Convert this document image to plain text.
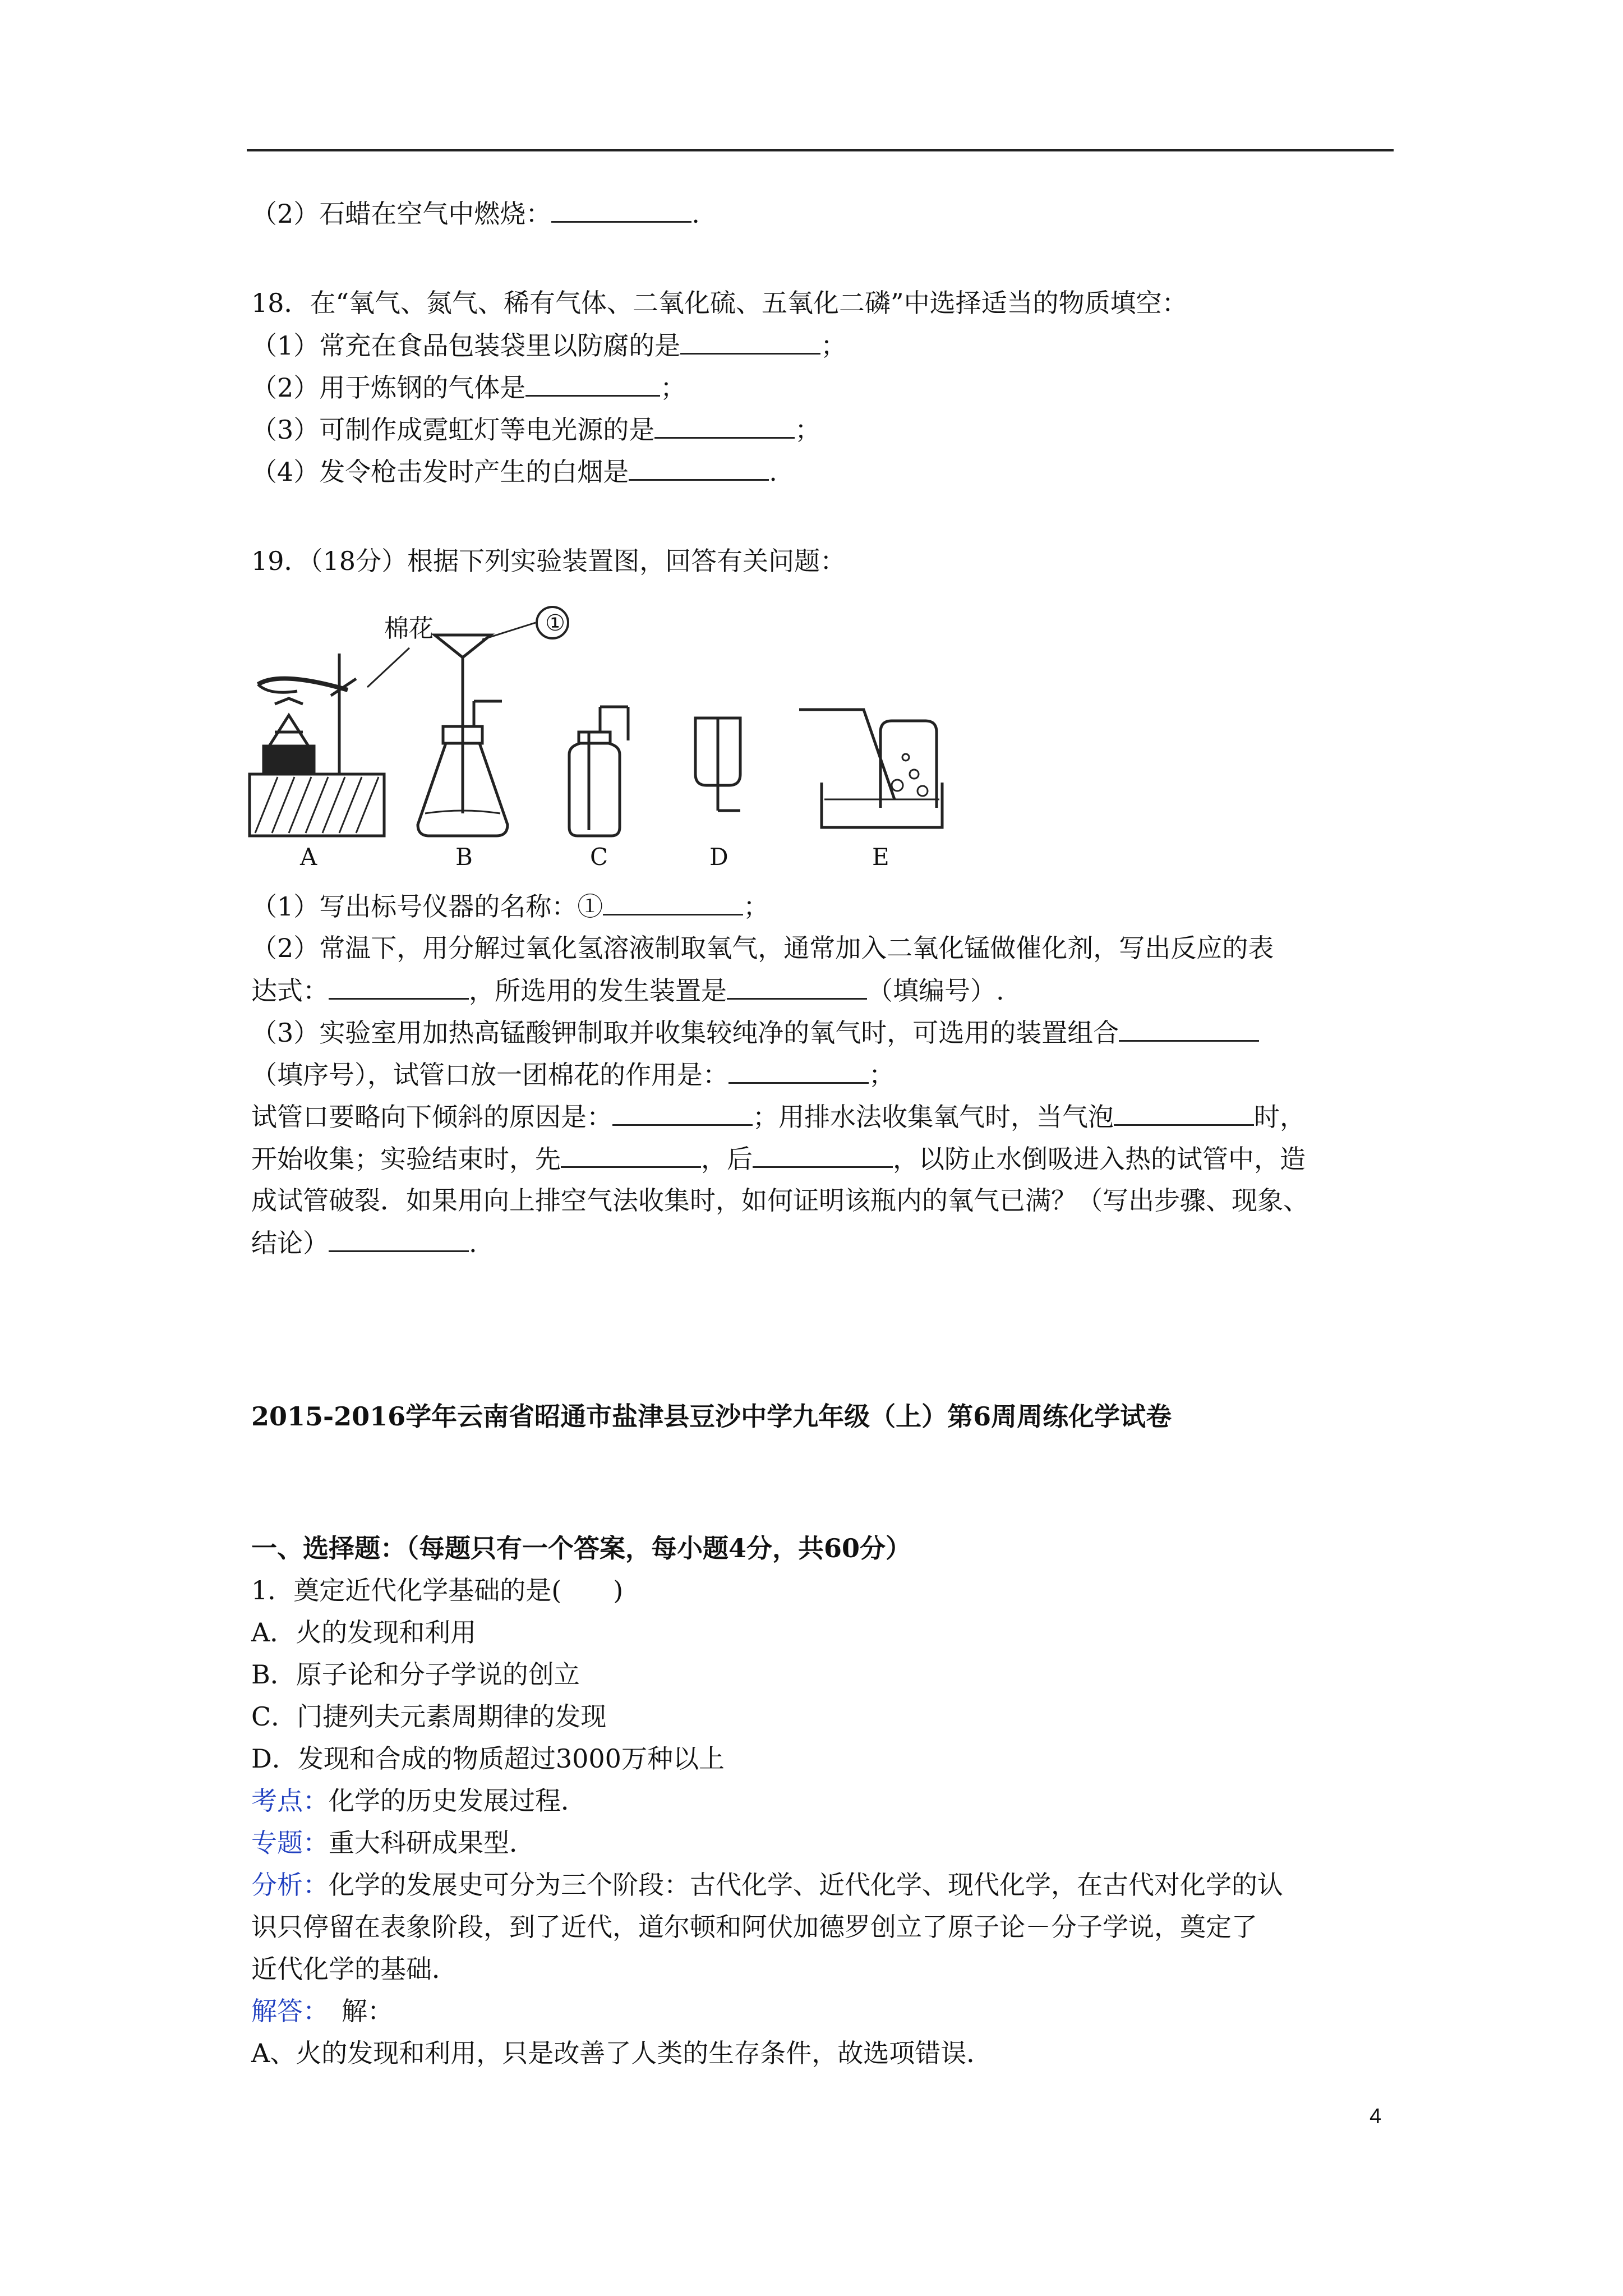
（2）石蜡在空气中燃烧：	.
18．在“氧气、氮气、稀有气体、二氧化硫、五氧化二磷”中选择适当的物质填空：
（1）常充在食品包装袋里以防腐的是	；
（2）用于炼钢的气体是	；
（3）可制作成霓虹灯等电光源的是	；
（4）发令枪击发时产生的白烟是	.
19．（18分）根据下列实验装置图，回答有关问题：
棉花	①
A	B	C	D	E
（1）写出标号仪器的名称：①	；
（2）常温下，用分解过氧化氢溶液制取氧气，通常加入二氧化锰做催化剂，写出反应的表
达式：	，所选用的发生装置是	（填编号）.
（3）实验室用加热高锰酸钾制取并收集较纯净的氧气时，可选用的装置组合
（填序号），试管口放一团棉花的作用是：	；
试管口要略向下倾斜的原因是：	；用排水法收集氧气时，当气泡	时，
开始收集；实验结束时，先	，后	，以防止水倒吸进入热的试管中，造
成试管破裂．如果用向上排空气法收集时，如何证明该瓶内的氧气已满？（写出步骤、现象、
结论）	.
2015-2016学年云南省昭通市盐津县豆沙中学九年级（上）第6周周练化学试卷
一、选择题：（每题只有一个答案，每小题4分，共60分）
1．奠定近代化学基础的是(　　)
A．火的发现和利用
B．原子论和分子学说的创立
C．门捷列夫元素周期律的发现
D．发现和合成的物质超过3000万种以上
考点：化学的历史发展过程．
专题：重大科研成果型．
分析：化学的发展史可分为三个阶段：古代化学、近代化学、现代化学，在古代对化学的认
识只停留在表象阶段，到了近代，道尔顿和阿伏加德罗创立了原子论－分子学说，奠定了
近代化学的基础．
解答：　解：
A、火的发现和利用，只是改善了人类的生存条件，故选项错误．
4
